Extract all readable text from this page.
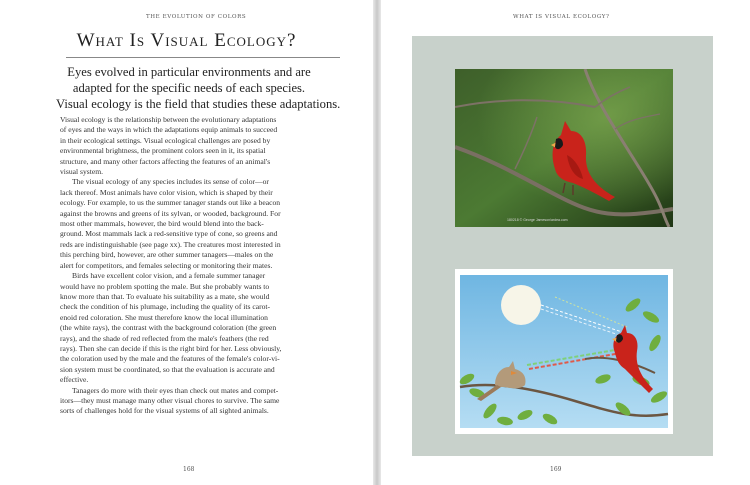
THE EVOLUTION OF COLORS
What Is Visual Ecology?
Eyes evolved in particular environments and are
adapted for the specific needs of each species.
Visual ecology is the field that studies these adaptations.
Visual ecology is the relationship between the evolutionary adaptations
of eyes and the ways in which the adaptations equip animals to succeed
in their ecological settings. Visual ecological challenges are posed by
environmental brightness, the prominent colors seen in it, its spatial
structure, and many other factors affecting the features of an animal's
visual system.
The visual ecology of any species includes its sense of color—or
lack thereof. Most animals have color vision, which is shaped by their
ecology. For example, to us the summer tanager stands out like a beacon
against the browns and greens of its sylvan, or wooded, background. For
most other mammals, however, the bird would blend into the back-
ground. Most mammals lack a red-sensitive type of cone, so greens and
reds are indistinguishable (see page xx). The creatures most interested in
this perching bird, however, are other summer tanagers—males on the
alert for competitors, and females selecting or monitoring their mates.
Birds have excellent color vision, and a female summer tanager
would have no problem spotting the male. But she probably wants to
know more than that. To evaluate his suitability as a mate, she would
check the condition of his plumage, including the quality of its carot-
enoid red coloration. She must therefore know the local illumination
(the white rays), the contrast with the background coloration (the green
rays), and the shade of red reflected from the male's feathers (the red
rays). Then she can decide if this is the right bird for her. Less obviously,
the coloration used by the male and the features of the female's color-vi-
sion system must be coordinated, so that the evaluation is accurate and
effective.
Tanagers do more with their eyes than check out mates and compet-
itors—they must manage many other visual chores to survive. The same
sorts of challenges hold for the visual systems of all sighted animals.
168
WHAT IS VISUAL ECOLOGY?
180218 © George Jameson/ardea.com
169
